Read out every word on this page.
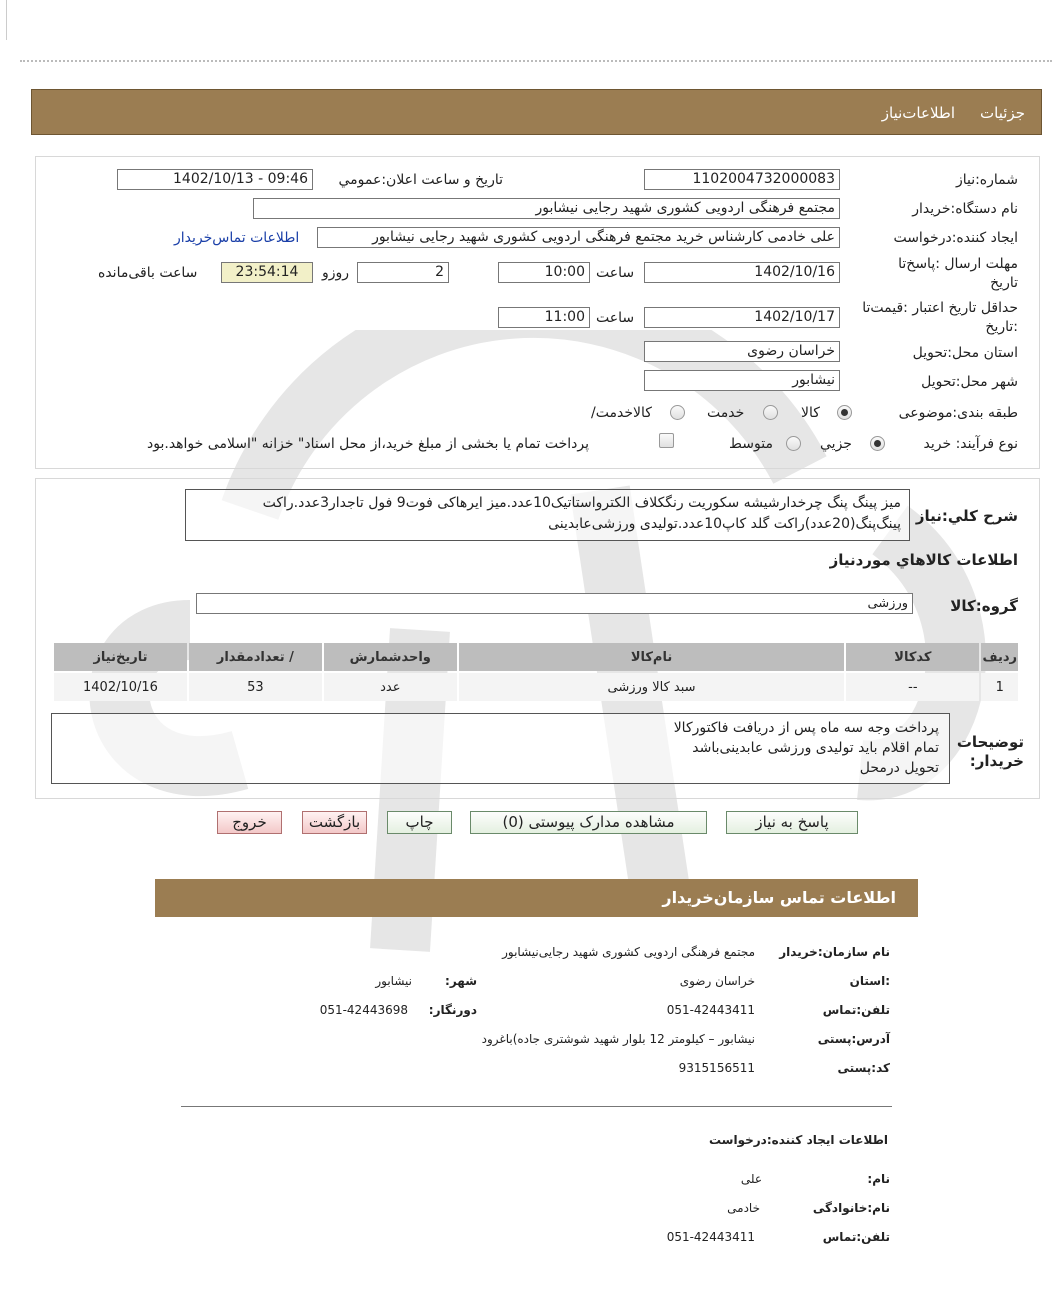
جزئيات
اطلاعات‌نیاز
شماره:نیاز
1102004732000083
تاريخ و ساعت اعلان:عمومي
1402/10/13 - 09:46
نام دستگاه:خریدار
مجتمع فرهنگی اردویی کشوری شهید رجایی نیشابور
ایجاد کننده:درخواست
علی خادمی کارشناس خرید مجتمع فرهنگی اردویی کشوری شهید رجایی نیشابور
اطلاعات تماس‌خریدار
مهلت ارسال :پاسخ‌تا
تاریخ
1402/10/16
ساعت
10:00
2
روزو
23:54:14
ساعت باقی‌مانده
حداقل تاریخ اعتبار :قیمت‌تا
تاریخ:
1402/10/17
ساعت
11:00
استان محل:تحویل
خراسان رضوی
شهر محل:تحویل
نیشابور
طبقه بندی:موضوعی
کالا
خدمت
/کالاخدمت
نوع فرآیند: خرید
جزيي
متوسط
پرداخت تمام یا بخشی از مبلغ خرید،از محل اسناد" خزانه "اسلامی خواهد.بود
شرح کلي:نياز
میز پینگ پنگ چرخدارشیشه سکوریت رنگکلاف الکترواستاتیک10عدد.میز ایرهاکی فوت9 فول تاجدار3عدد.راکت
پینگ‌پنگ(20عدد)راکت گلد کاپ10عدد.تولیدی ورزشی‌عابدینی
اطلاعات کالاهاي موردنياز
گروه:کالا
ورزشی
رديف	کدکالا	نام‌کالا	واحدشمارش	/ تعدادمقدار	تاریخ‌نیاز
1	--	سبد کالا ورزشی	عدد	53	1402/10/16
توضیحات
:خریدار
پرداخت وجه سه ماه پس از دریافت فاکتورکالا
تمام اقلام باید تولیدی ورزشی عابدینی‌باشد
تحویل درمحل
پاسخ به نیاز
مشاهده مدارک پیوستی (0)
چاپ
بازگشت
خروج
اطلاعات تماس سازمان‌خریدار
نام سازمان:خریدار
مجتمع فرهنگی اردویی کشوری شهید رجایی‌نیشابور
استان:
خراسان رضوی
:شهر
نیشابور
تلفن:تماس
051-42443411
:دورنگار
051-42443698
آدرس:پستی
نیشابور – کیلومتر 12 بلوار شهید شوشتری جاده)باغرود
کد:پستی
9315156511
اطلاعات ایجاد کننده:درخواست
:نام
علی
نام:خانوادگی
خادمی
تلفن:تماس
051-42443411
